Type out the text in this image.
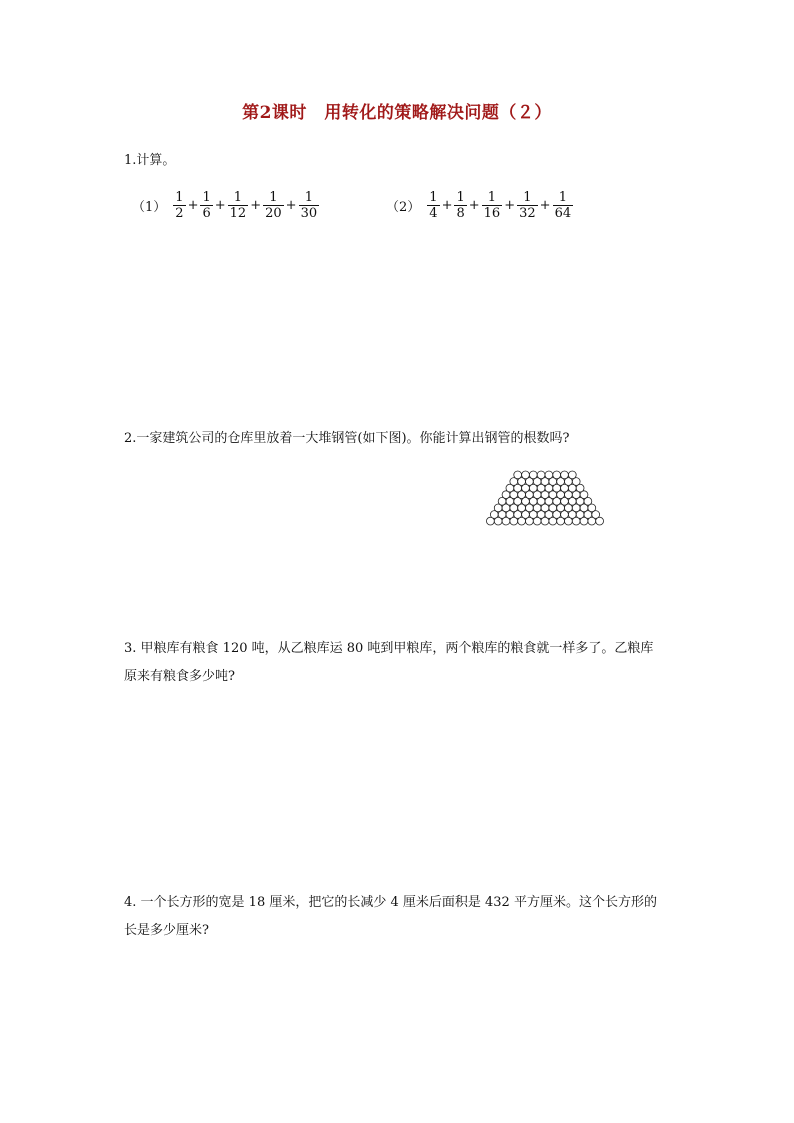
第2课时　用转化的策略解决问题（２）
1.计算。
$(1) \frac{1}{2} + \frac{1}{6} + \frac{1}{12} + \frac{1}{20} + \frac{1}{30}$	$(2) \frac{1}{4} + \frac{1}{8} + \frac{1}{16} + \frac{1}{32} + \frac{1}{64}$
2.一家建筑公司的仓库里放着一大堆钢管(如下图)。你能计算出钢管的根数吗?
3. 甲粮库有粮食 120 吨，从乙粮库运 80 吨到甲粮库，两个粮库的粮食就一样多了。乙粮库
原来有粮食多少吨?
4. 一个长方形的宽是 18 厘米，把它的长减少 4 厘米后面积是 432 平方厘米。这个长方形的
长是多少厘米?
